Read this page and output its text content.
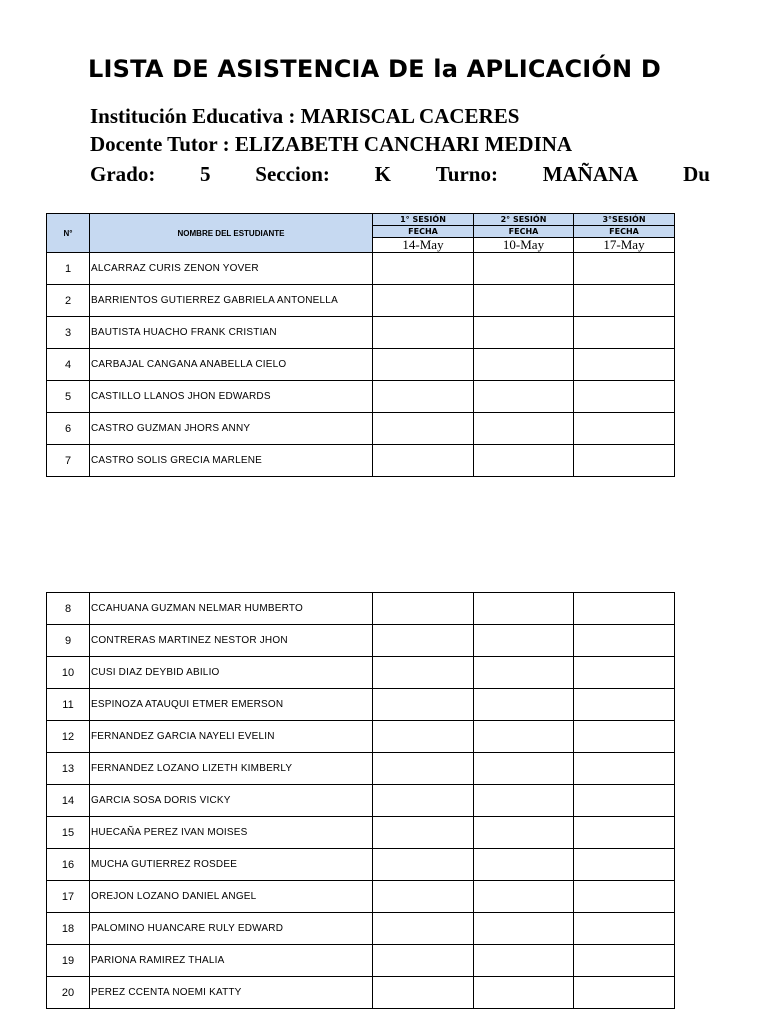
LISTA DE ASISTENCIA DE la APLICACIÓN D
Institución Educativa : MARISCAL CACERES
Docente Tutor : ELIZABETH CANCHARI MEDINA
Grado: 5 Seccion: K Turno: MAÑANA Du
N°	NOMBRE DEL ESTUDIANTE	1° SESIÓN	2° SESIÓN	3°SESIÓN
		FECHA	FECHA	FECHA
		14-May	10-May	17-May
1	ALCARRAZ CURIS ZENON YOVER			
2	BARRIENTOS GUTIERREZ GABRIELA ANTONELLA			
3	BAUTISTA HUACHO FRANK CRISTIAN			
4	CARBAJAL CANGANA ANABELLA CIELO			
5	CASTILLO LLANOS JHON EDWARDS			
6	CASTRO GUZMAN JHORS ANNY			
7	CASTRO SOLIS GRECIA MARLENE			
8	CCAHUANA GUZMAN NELMAR HUMBERTO			
9	CONTRERAS MARTINEZ NESTOR JHON			
10	CUSI DIAZ DEYBID ABILIO			
11	ESPINOZA ATAUQUI ETMER EMERSON			
12	FERNANDEZ GARCIA NAYELI EVELIN			
13	FERNANDEZ LOZANO LIZETH KIMBERLY			
14	GARCIA SOSA DORIS VICKY			
15	HUECAÑA PEREZ IVAN MOISES			
16	MUCHA GUTIERREZ ROSDEE			
17	OREJON LOZANO DANIEL ANGEL			
18	PALOMINO HUANCARE RULY EDWARD			
19	PARIONA RAMIREZ THALIA			
20	PEREZ CCENTA NOEMI KATTY			
